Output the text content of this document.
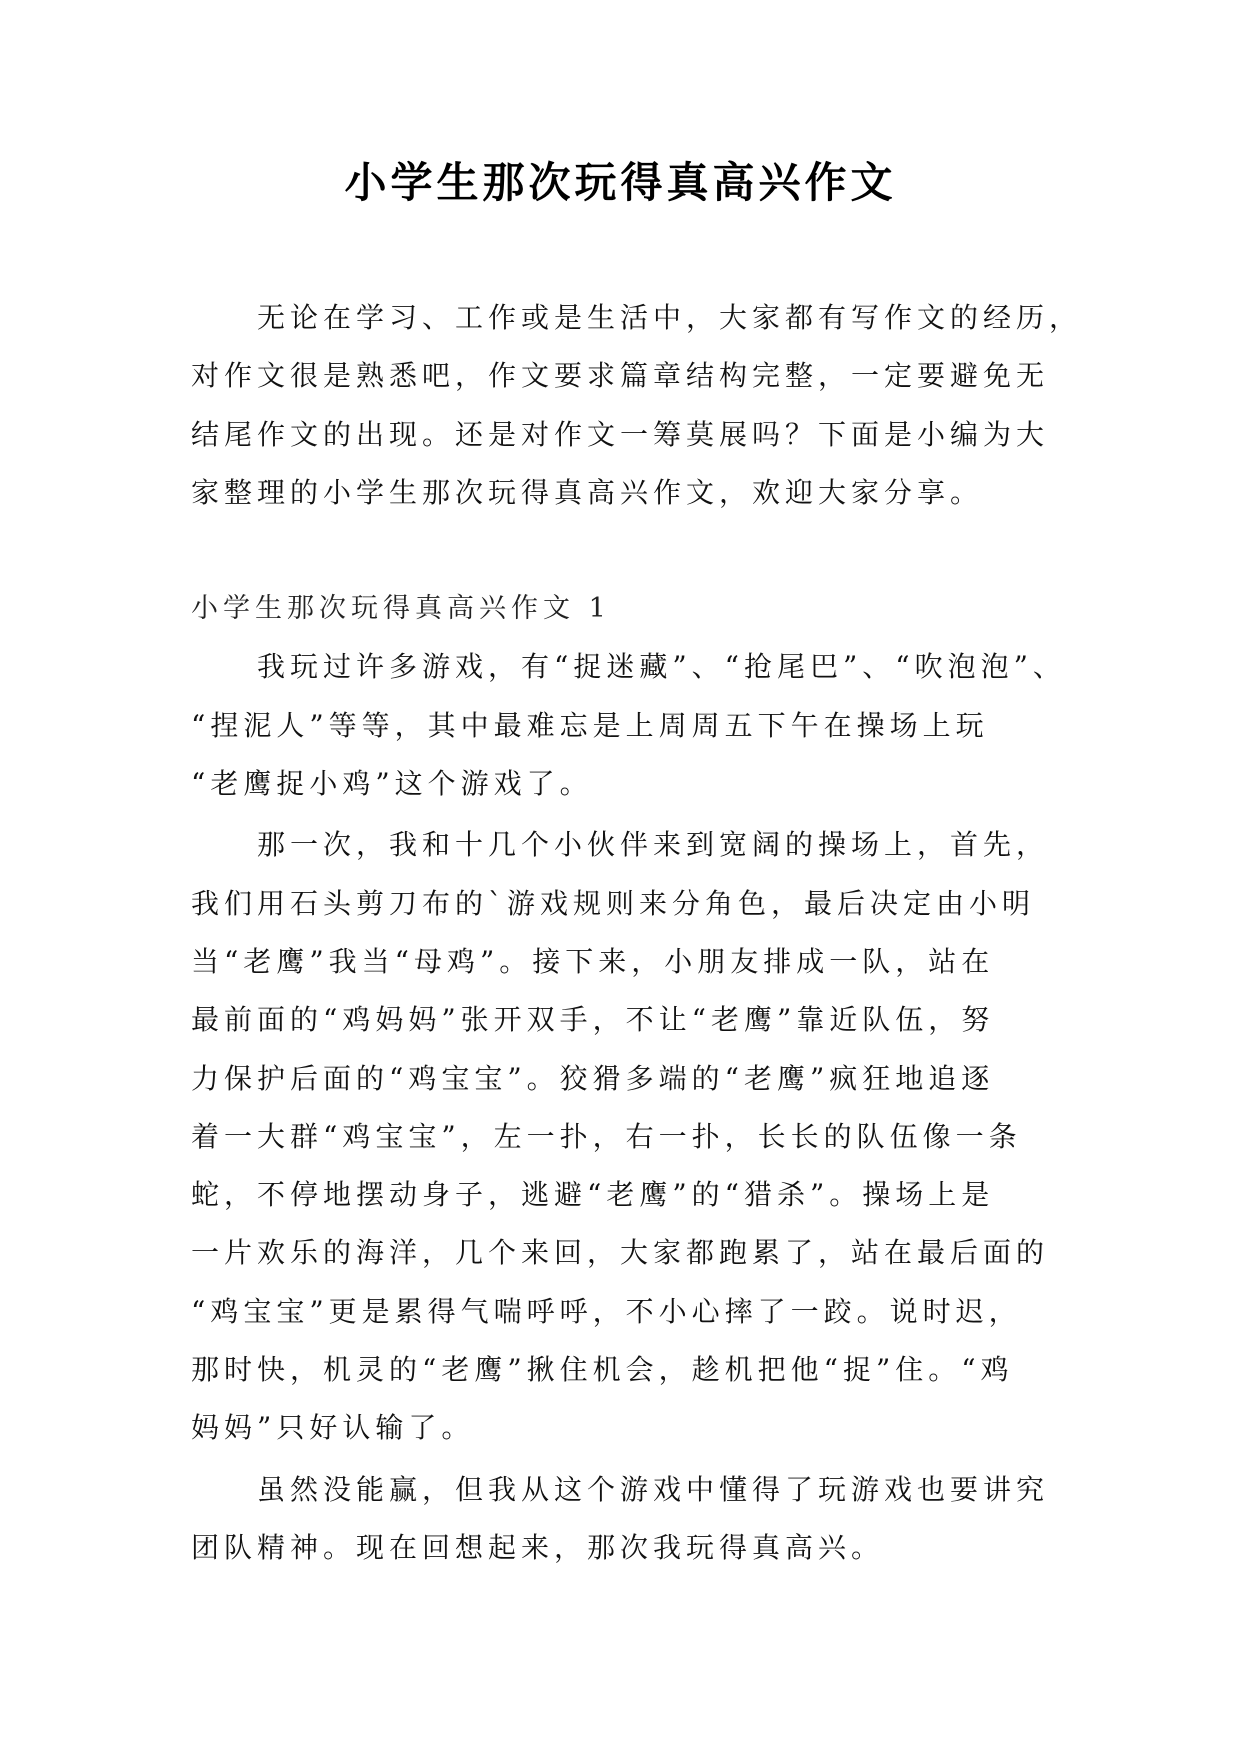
小学生那次玩得真高兴作文
无论在学习、工作或是生活中，大家都有写作文的经历，
对作文很是熟悉吧，作文要求篇章结构完整，一定要避免无
结尾作文的出现。还是对作文一筹莫展吗？下面是小编为大
家整理的小学生那次玩得真高兴作文，欢迎大家分享。
小学生那次玩得真高兴作文 1
我玩过许多游戏，有“捉迷藏”、“抢尾巴”、“吹泡泡”、
“捏泥人”等等，其中最难忘是上周周五下午在操场上玩
“老鹰捉小鸡”这个游戏了。
那一次，我和十几个小伙伴来到宽阔的操场上，首先，
我们用石头剪刀布的`游戏规则来分角色，最后决定由小明
当“老鹰”我当“母鸡”。接下来，小朋友排成一队，站在
最前面的“鸡妈妈”张开双手，不让“老鹰”靠近队伍，努
力保护后面的“鸡宝宝”。狡猾多端的“老鹰”疯狂地追逐
着一大群“鸡宝宝”，左一扑，右一扑，长长的队伍像一条
蛇，不停地摆动身子，逃避“老鹰”的“猎杀”。操场上是
一片欢乐的海洋，几个来回，大家都跑累了，站在最后面的
“鸡宝宝”更是累得气喘呼呼，不小心摔了一跤。说时迟，
那时快，机灵的“老鹰”揪住机会，趁机把他“捉”住。“鸡
妈妈”只好认输了。
虽然没能赢，但我从这个游戏中懂得了玩游戏也要讲究
团队精神。现在回想起来，那次我玩得真高兴。
